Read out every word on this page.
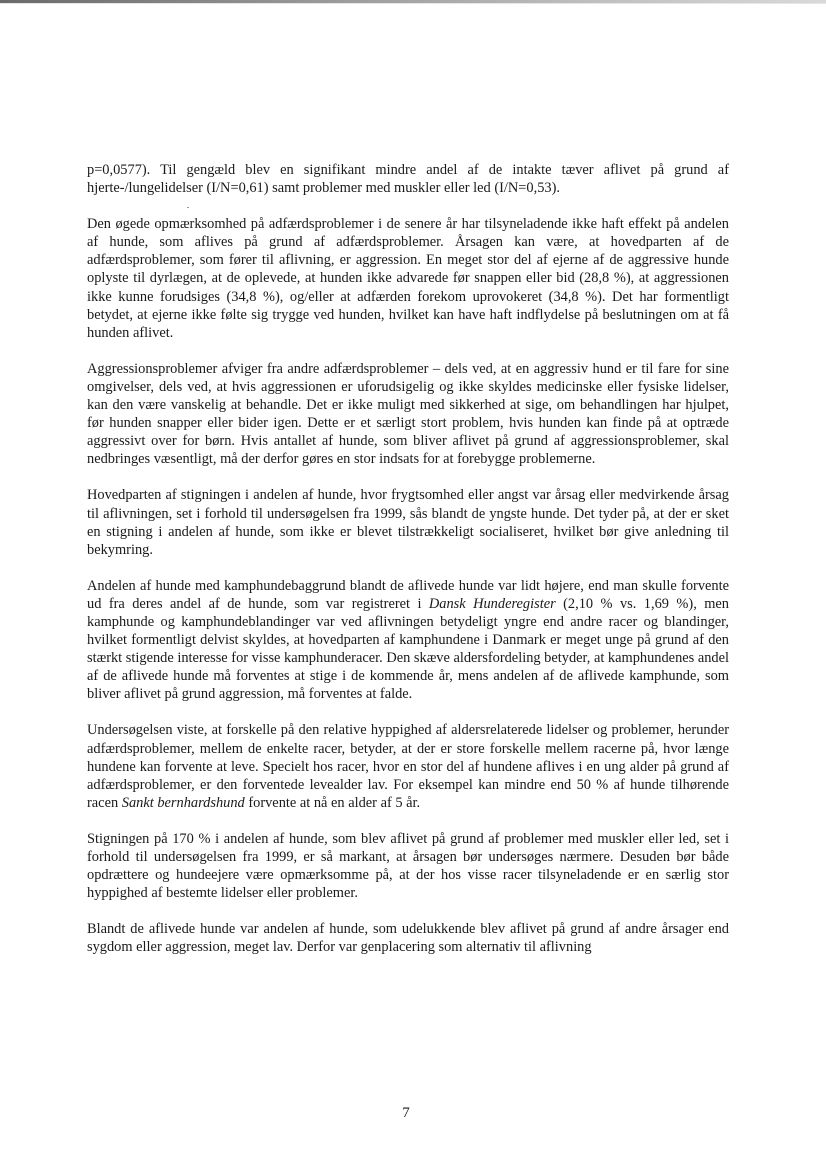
p=0,0577). Til gengæld blev en signifikant mindre andel af de intakte tæver aflivet på grund af hjerte-/lungelidelser (I/N=0,61) samt problemer med muskler eller led (I/N=0,53).

Den øgede opmærksomhed på adfærdsproblemer i de senere år har tilsyneladende ikke haft effekt på andelen af hunde, som aflives på grund af adfærdsproblemer. Årsagen kan være, at hovedparten af de adfærdsproblemer, som fører til aflivning, er aggression. En meget stor del af ejerne af de aggressive hunde oplyste til dyrlægen, at de oplevede, at hunden ikke advarede før snappen eller bid (28,8 %), at aggressionen ikke kunne forudsiges (34,8 %), og/eller at adfærden forekom uprovokeret (34,8 %). Det har formentligt betydet, at ejerne ikke følte sig trygge ved hunden, hvilket kan have haft indflydelse på beslutningen om at få hunden aflivet.

Aggressionsproblemer afviger fra andre adfærdsproblemer – dels ved, at en aggressiv hund er til fare for sine omgivelser, dels ved, at hvis aggressionen er uforudsigelig og ikke skyldes medicinske eller fysiske lidelser, kan den være vanskelig at behandle. Det er ikke muligt med sikkerhed at sige, om behandlingen har hjulpet, før hunden snapper eller bider igen. Dette er et særligt stort problem, hvis hunden kan finde på at optræde aggressivt over for børn. Hvis antallet af hunde, som bliver aflivet på grund af aggressionsproblemer, skal nedbringes væsentligt, må der derfor gøres en stor indsats for at forebygge problemerne.

Hovedparten af stigningen i andelen af hunde, hvor frygtsomhed eller angst var årsag eller medvirkende årsag til aflivningen, set i forhold til undersøgelsen fra 1999, sås blandt de yngste hunde. Det tyder på, at der er sket en stigning i andelen af hunde, som ikke er blevet tilstrækkeligt socialiseret, hvilket bør give anledning til bekymring.

Andelen af hunde med kamphundebaggrund blandt de aflivede hunde var lidt højere, end man skulle forvente ud fra deres andel af de hunde, som var registreret i Dansk Hunderegister (2,10 % vs. 1,69 %), men kamphunde og kamphundeblandinger var ved aflivningen betydeligt yngre end andre racer og blandinger, hvilket formentligt delvist skyldes, at hovedparten af kamphundene i Danmark er meget unge på grund af den stærkt stigende interesse for visse kamphunderacer. Den skæve aldersfordeling betyder, at kamphundenes andel af de aflivede hunde må forventes at stige i de kommende år, mens andelen af de aflivede kamphunde, som bliver aflivet på grund aggression, må forventes at falde.

Undersøgelsen viste, at forskelle på den relative hyppighed af aldersrelaterede lidelser og problemer, herunder adfærdsproblemer, mellem de enkelte racer, betyder, at der er store forskelle mellem racerne på, hvor længe hundene kan forvente at leve. Specielt hos racer, hvor en stor del af hundene aflives i en ung alder på grund af adfærdsproblemer, er den forventede levealder lav. For eksempel kan mindre end 50 % af hunde tilhørende racen Sankt bernhardshund forvente at nå en alder af 5 år.

Stigningen på 170 % i andelen af hunde, som blev aflivet på grund af problemer med muskler eller led, set i forhold til undersøgelsen fra 1999, er så markant, at årsagen bør undersøges nærmere. Desuden bør både opdrættere og hundeejere være opmærksomme på, at der hos visse racer tilsyneladende er en særlig stor hyppighed af bestemte lidelser eller problemer.

Blandt de aflivede hunde var andelen af hunde, som udelukkende blev aflivet på grund af andre årsager end sygdom eller aggression, meget lav. Derfor var genplacering som alternativ til aflivning

7
